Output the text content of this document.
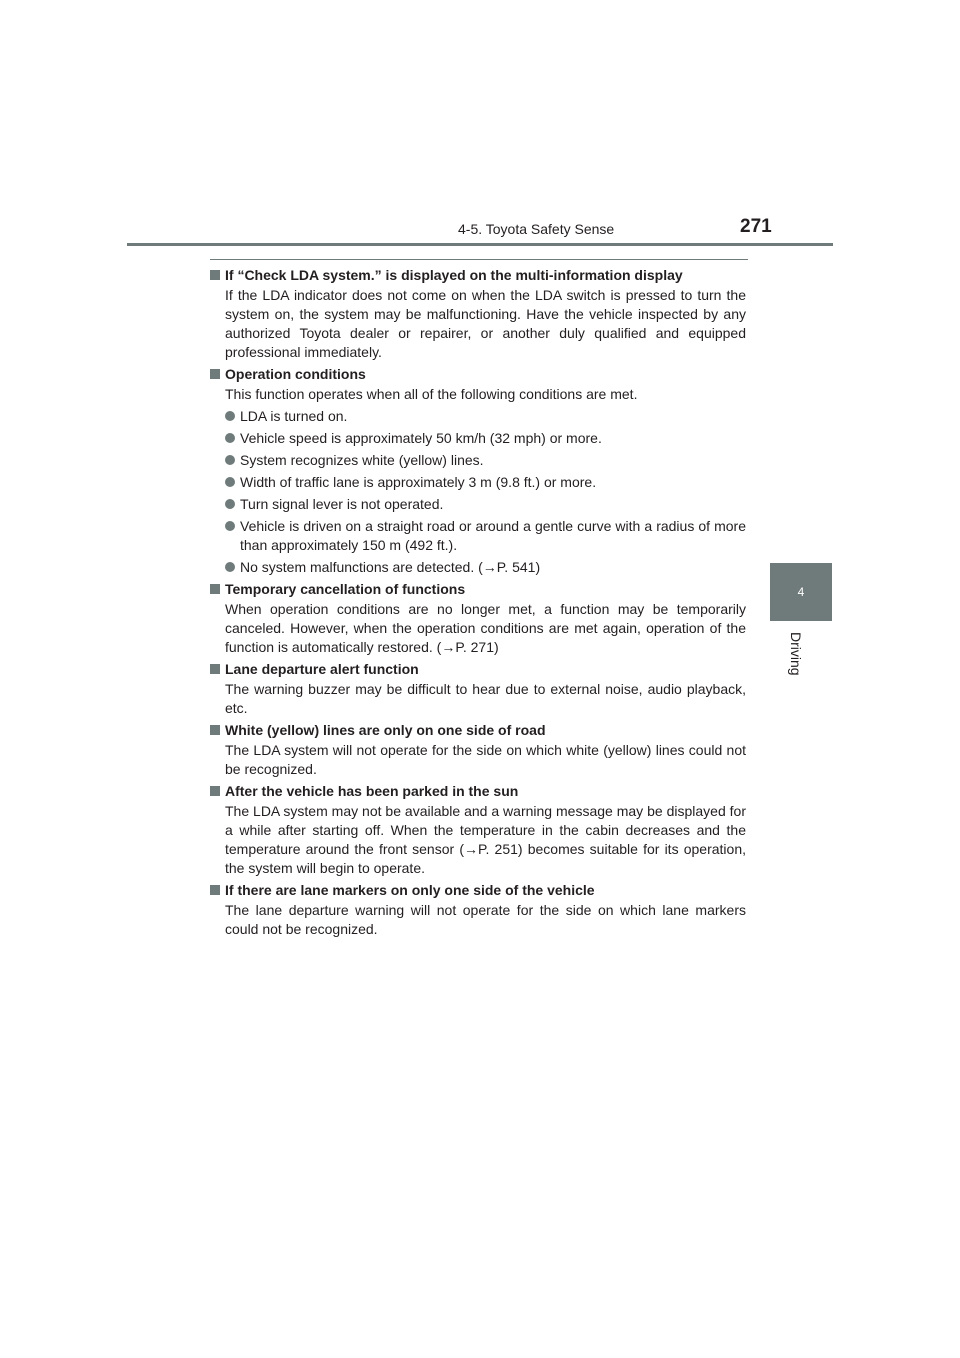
4-5. Toyota Safety Sense	271
4
Driving
If “Check LDA system.” is displayed on the multi-information display

If the LDA indicator does not come on when the LDA switch is pressed to turn the system on, the system may be malfunctioning. Have the vehicle inspected by any authorized Toyota dealer or repairer, or another duly qualified and equipped professional immediately.

Operation conditions

This function operates when all of the following conditions are met.

LDA is turned on.
Vehicle speed is approximately 50 km/h (32 mph) or more.
System recognizes white (yellow) lines.
Width of traffic lane is approximately 3 m (9.8 ft.) or more.
Turn signal lever is not operated.
Vehicle is driven on a straight road or around a gentle curve with a radius of more than approximately 150 m (492 ft.).
No system malfunctions are detected. (→P. 541)
Temporary cancellation of functions

When operation conditions are no longer met, a function may be temporarily canceled. However, when the operation conditions are met again, operation of the function is automatically restored. (→P. 271)

Lane departure alert function

The warning buzzer may be difficult to hear due to external noise, audio playback, etc.

White (yellow) lines are only on one side of road

The LDA system will not operate for the side on which white (yellow) lines could not be recognized.

After the vehicle has been parked in the sun

The LDA system may not be available and a warning message may be displayed for a while after starting off. When the temperature in the cabin decreases and the temperature around the front sensor (→P. 251) becomes suitable for its operation, the system will begin to operate.

If there are lane markers on only one side of the vehicle

The lane departure warning will not operate for the side on which lane markers could not be recognized.
